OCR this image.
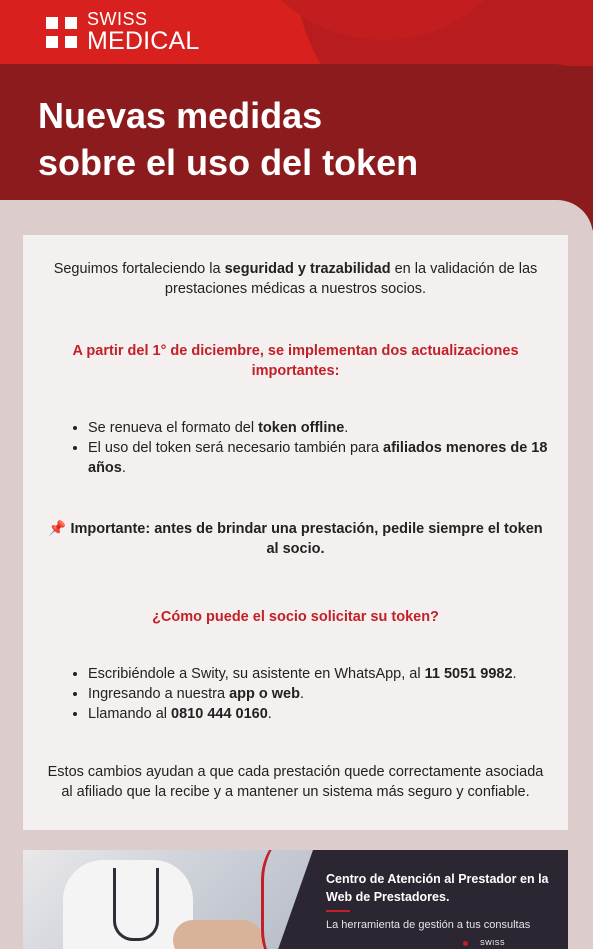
SWISS
MEDICAL
Nuevas medidas
sobre el uso del token

Seguimos fortaleciendo la seguridad y trazabilidad en la validación de las prestaciones médicas a nuestros socios.

A partir del 1° de diciembre, se implementan dos actualizaciones importantes:

• Se renueva el formato del token offline.
• El uso del token será necesario también para afiliados menores de 18 años.

📌 Importante: antes de brindar una prestación, pedile siempre el token al socio.

¿Cómo puede el socio solicitar su token?

• Escribiéndole a Swity, su asistente en WhatsApp, al 11 5051 9982.
• Ingresando a nuestra app o web.
• Llamando al 0810 444 0160.

Estos cambios ayudan a que cada prestación quede correctamente asociada al afiliado que la recibe y a mantener un sistema más seguro y confiable.

Centro de Atención al Prestador en la Web de Prestadores.

La herramienta de gestión a tus consultas

SWISS
